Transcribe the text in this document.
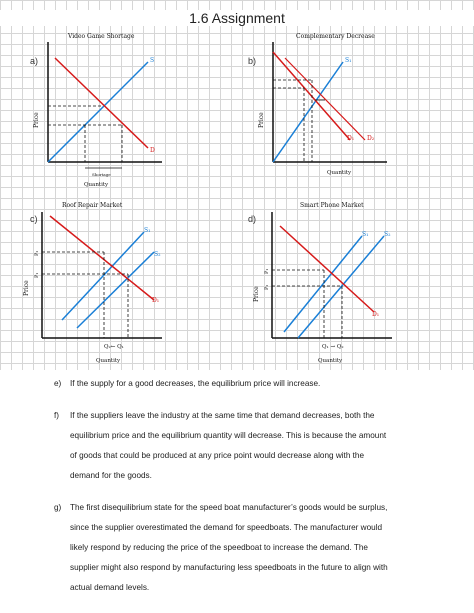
1.6 Assignment
a)
Video Game Shortage
S
D
Shortage
Quantity
Price
b)
Complementary Decrease
S₁
D₁ D₂
Quantity
Price
c)
Roof Repair Market
S₁
S₂
D₁
Q₂← Q₁
Quantity
P₂
P₁
Price
d)
Smart Phone Market
S₁	S₂
D₁
Q₁ → Q₂
Quantity
P₁
P₂
Price
e) If the supply for a good decreases, the equilibrium price will increase.
f) If the suppliers leave the industry at the same time that demand decreases, both the
equilibrium price and the equilibrium quantity will decrease. This is because the amount
of goods that could be produced at any price point would decrease along with the
demand for the goods.
g) The first disequilibrium state for the speed boat manufacturer’s goods would be surplus,
since the supplier overestimated the demand for speedboats. The manufacturer would
likely respond by reducing the price of the speedboat to increase the demand. The
supplier might also respond by manufacturing less speedboats in the future to align with
actual demand levels.
